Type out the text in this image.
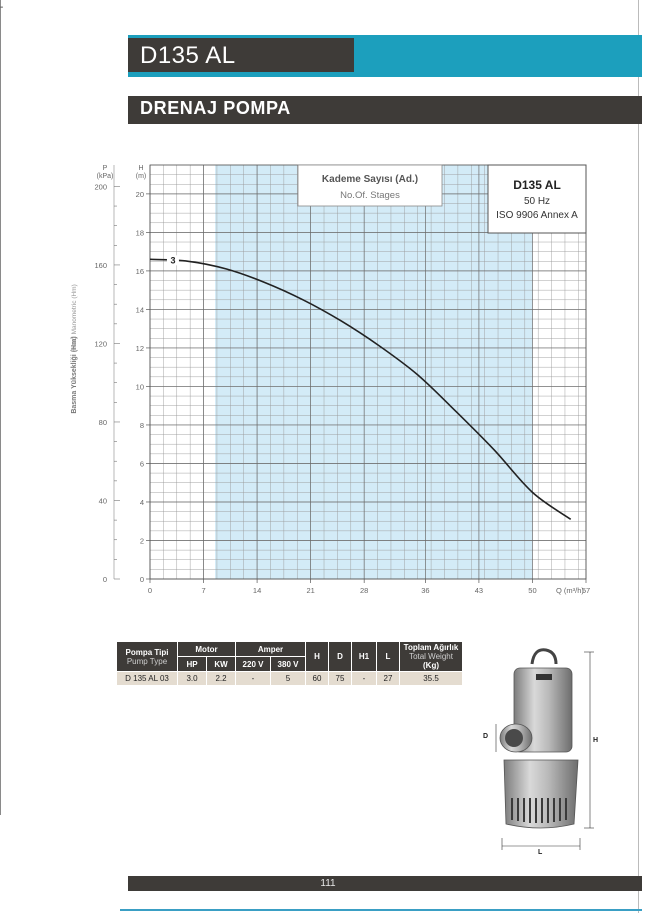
-
D135 AL
DRENAJ POMPA
P (kPa)
H (m)
Basma Yüksekliği (Hm)
Head Manometric (Hm)
Q (m³/h)
Kademe Sayısı (Ad.)
No.Of. Stages
D135 AL
50 Hz
ISO 9906 Annex A
3
0	7	14	21	28	36	43	50	57
0
2
4
6
8
10
12
14
16
18
20
0
40
80
120
160
200
Pompa Tipi
Pump Type	Motor		Amper		H	D	H1	L	Toplam Ağırlık
Total Weight
(Kg)
	HP	KW	220 V	380 V					
D 135 AL 03	3.0	2.2	-	5	60	75	-	27	35.5
H
L
D
111
